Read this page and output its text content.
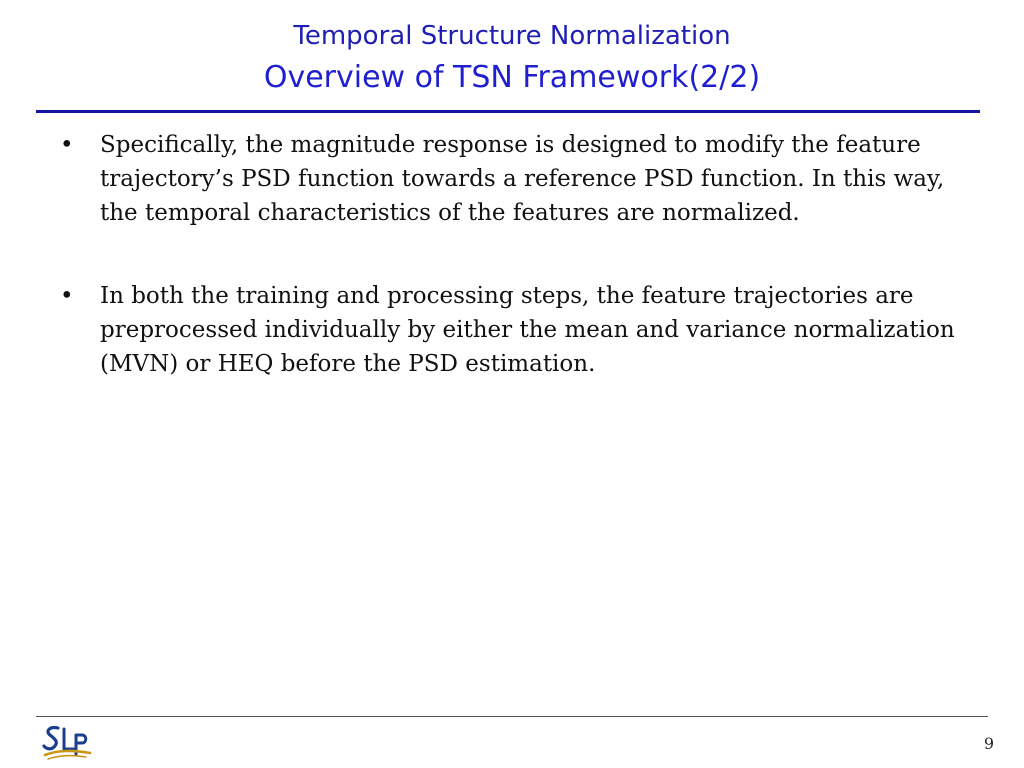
Temporal Structure Normalization
Overview of TSN Framework(2/2)
• Specifically, the magnitude response is designed to modify the feature trajectory’s PSD function towards a reference PSD function. In this way, the temporal characteristics of the features are normalized.
• In both the training and processing steps, the feature trajectories are preprocessed individually by either the mean and variance normalization (MVN) or HEQ before the PSD estimation.
9
